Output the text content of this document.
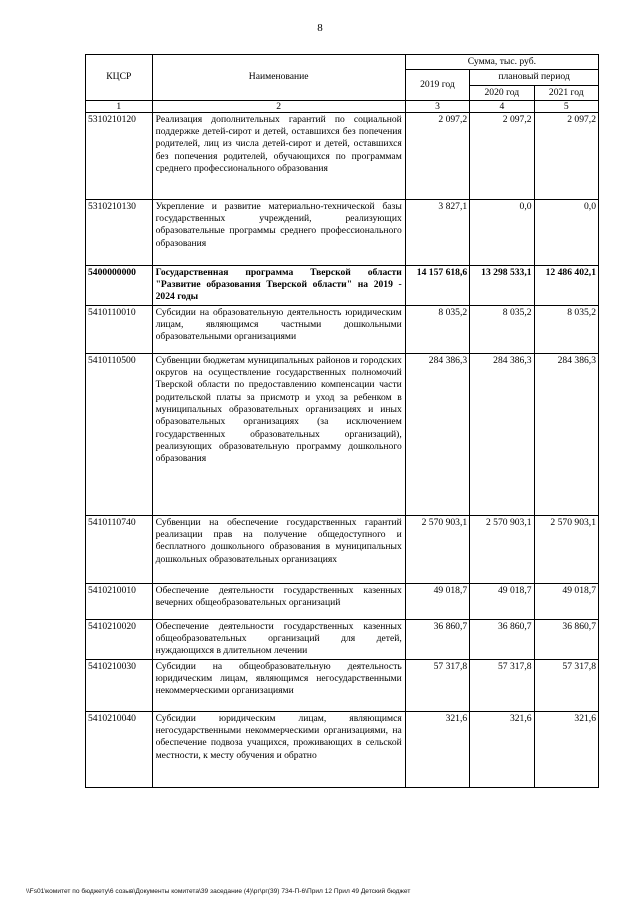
8
КЦСР	Наименование	Сумма, тыс. руб.		
		2019 год	плановый период	
			2020 год	2021 год
1	2	3	4	5
5310210120	Реализация дополнительных гарантий по социальной поддержке детей-сирот и детей, оставшихся без попечения родителей, лиц из числа детей-сирот и детей, оставшихся без попечения родителей, обучающихся по программам среднего профессионального образования	2 097,2	2 097,2	2 097,2
5310210130	Укрепление и развитие материально-технической базы государственных учреждений, реализующих образовательные программы среднего профессионального образования	3 827,1	0,0	0,0
5400000000	Государственная программа Тверской области "Развитие образования Тверской области" на 2019 - 2024 годы	14 157 618,6	13 298 533,1	12 486 402,1
5410110010	Субсидии на образовательную деятельность юридическим лицам, являющимся частными дошкольными образовательными организациями	8 035,2	8 035,2	8 035,2
5410110500	Субвенции бюджетам муниципальных районов и городских округов на осуществление государственных полномочий Тверской области по предоставлению компенсации части родительской платы за присмотр и уход за ребенком в муниципальных образовательных организациях и иных образовательных организациях (за исключением государственных образовательных организаций), реализующих образовательную программу дошкольного образования	284 386,3	284 386,3	284 386,3
5410110740	Субвенции на обеспечение государственных гарантий реализации прав на получение общедоступного и бесплатного дошкольного образования в муниципальных дошкольных образовательных организациях	2 570 903,1	2 570 903,1	2 570 903,1
5410210010	Обеспечение деятельности государственных казенных вечерних общеобразовательных организаций	49 018,7	49 018,7	49 018,7
5410210020	Обеспечение деятельности государственных казенных общеобразовательных организаций для детей, нуждающихся в длительном лечении	36 860,7	36 860,7	36 860,7
5410210030	Субсидии на общеобразовательную деятельность юридическим лицам, являющимся негосударственными некоммерческими организациями	57 317,8	57 317,8	57 317,8
5410210040	Субсидии юридическим лицам, являющимся негосударственными некоммерческими организациями, на обеспечение подвоза учащихся, проживающих в сельской местности, к месту обучения и обратно	321,6	321,6	321,6
\\Fs01\комитет по бюджету\6 созыв\Документы комитета\39 заседание (4)\рг\рг(39) 734-П-6\Прил 12 Прил 49 Детский бюджет
